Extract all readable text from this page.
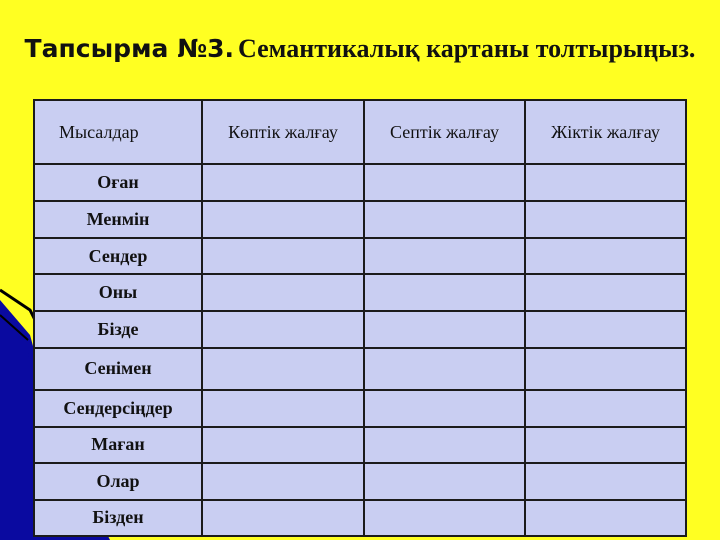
Тапсырма №3. Семантикалық картаны толтырыңыз.
Мысалдар	Көптік жалғау	Септік жалғау	Жіктік жалғау
Оған			
Менмін			
Сендер			
Оны			
Бізде			
Сенімен			
Сендерсіңдер			
Маған			
Олар			
Бізден			
